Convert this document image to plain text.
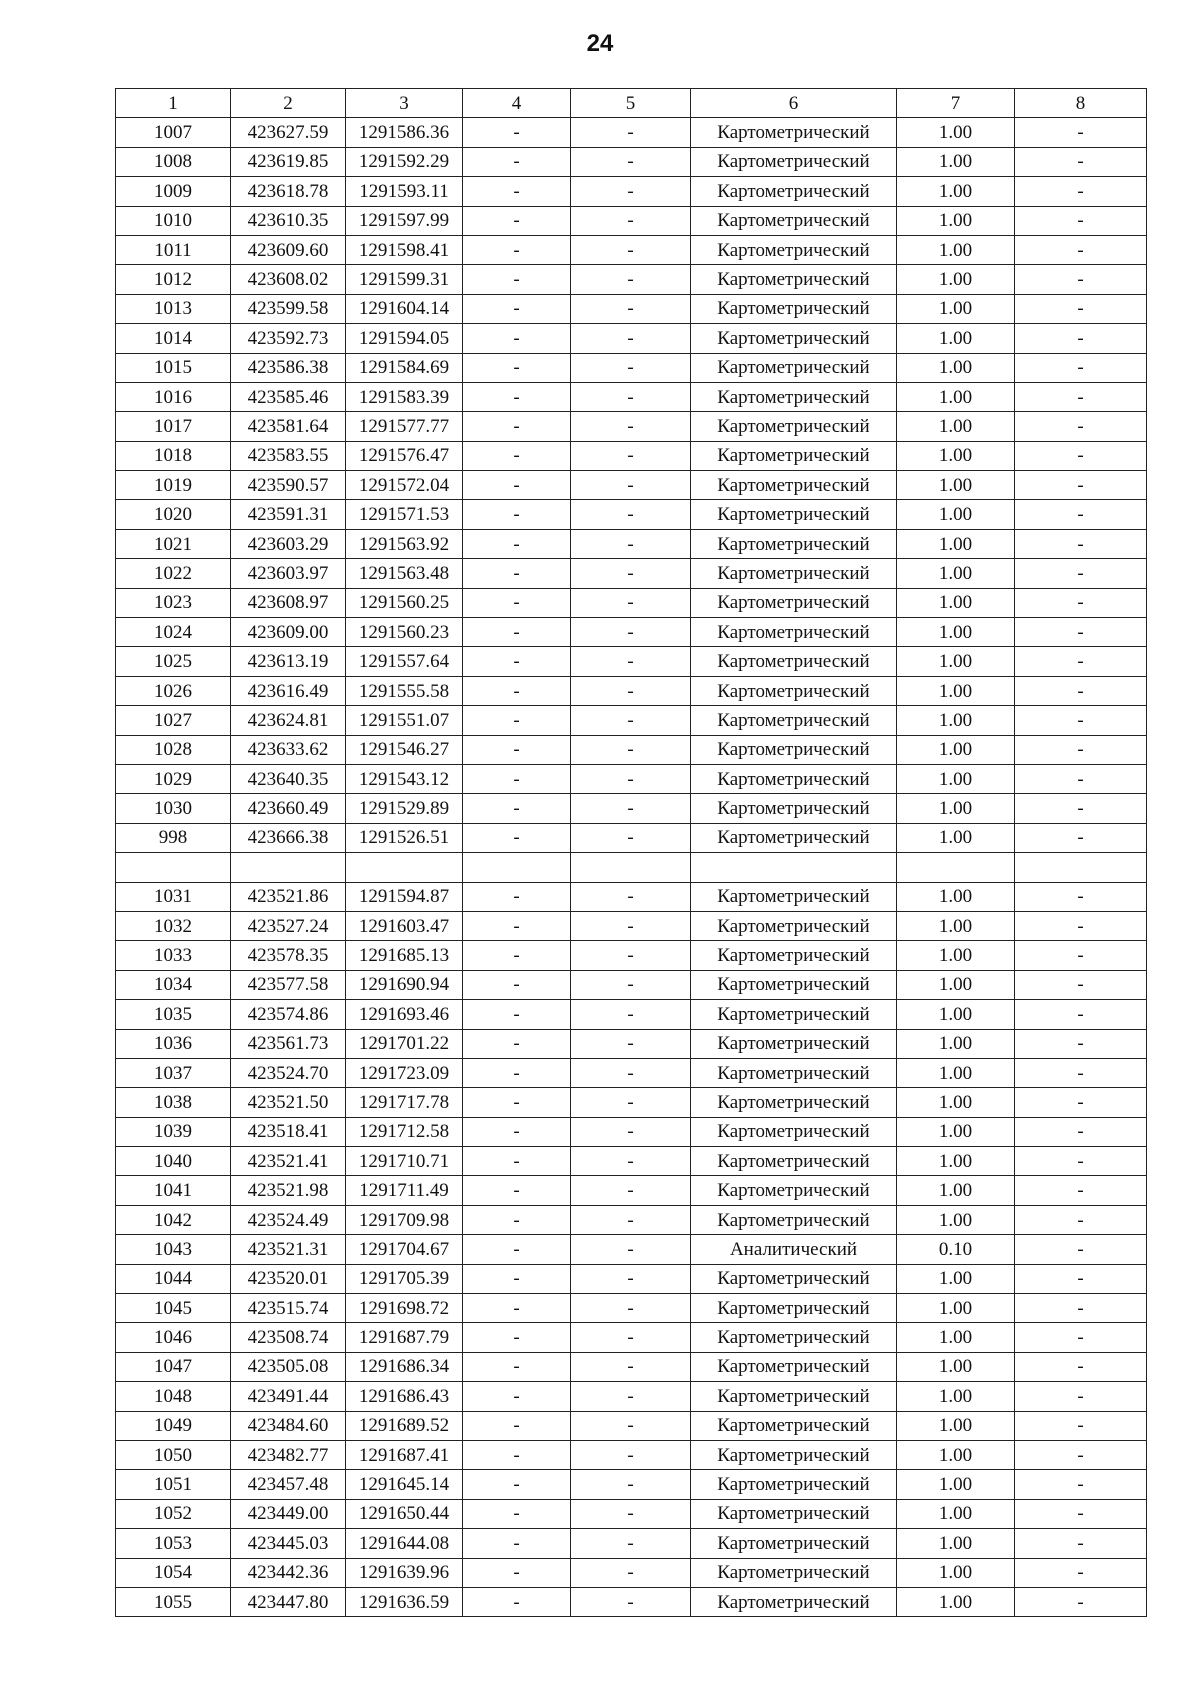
24
1	2	3	4	5	6	7	8
1007	423627.59	1291586.36	-	-	Картометрический	1.00	-
1008	423619.85	1291592.29	-	-	Картометрический	1.00	-
1009	423618.78	1291593.11	-	-	Картометрический	1.00	-
1010	423610.35	1291597.99	-	-	Картометрический	1.00	-
1011	423609.60	1291598.41	-	-	Картометрический	1.00	-
1012	423608.02	1291599.31	-	-	Картометрический	1.00	-
1013	423599.58	1291604.14	-	-	Картометрический	1.00	-
1014	423592.73	1291594.05	-	-	Картометрический	1.00	-
1015	423586.38	1291584.69	-	-	Картометрический	1.00	-
1016	423585.46	1291583.39	-	-	Картометрический	1.00	-
1017	423581.64	1291577.77	-	-	Картометрический	1.00	-
1018	423583.55	1291576.47	-	-	Картометрический	1.00	-
1019	423590.57	1291572.04	-	-	Картометрический	1.00	-
1020	423591.31	1291571.53	-	-	Картометрический	1.00	-
1021	423603.29	1291563.92	-	-	Картометрический	1.00	-
1022	423603.97	1291563.48	-	-	Картометрический	1.00	-
1023	423608.97	1291560.25	-	-	Картометрический	1.00	-
1024	423609.00	1291560.23	-	-	Картометрический	1.00	-
1025	423613.19	1291557.64	-	-	Картометрический	1.00	-
1026	423616.49	1291555.58	-	-	Картометрический	1.00	-
1027	423624.81	1291551.07	-	-	Картометрический	1.00	-
1028	423633.62	1291546.27	-	-	Картометрический	1.00	-
1029	423640.35	1291543.12	-	-	Картометрический	1.00	-
1030	423660.49	1291529.89	-	-	Картометрический	1.00	-
998	423666.38	1291526.51	-	-	Картометрический	1.00	-

1031	423521.86	1291594.87	-	-	Картометрический	1.00	-
1032	423527.24	1291603.47	-	-	Картометрический	1.00	-
1033	423578.35	1291685.13	-	-	Картометрический	1.00	-
1034	423577.58	1291690.94	-	-	Картометрический	1.00	-
1035	423574.86	1291693.46	-	-	Картометрический	1.00	-
1036	423561.73	1291701.22	-	-	Картометрический	1.00	-
1037	423524.70	1291723.09	-	-	Картометрический	1.00	-
1038	423521.50	1291717.78	-	-	Картометрический	1.00	-
1039	423518.41	1291712.58	-	-	Картометрический	1.00	-
1040	423521.41	1291710.71	-	-	Картометрический	1.00	-
1041	423521.98	1291711.49	-	-	Картометрический	1.00	-
1042	423524.49	1291709.98	-	-	Картометрический	1.00	-
1043	423521.31	1291704.67	-	-	Аналитический	0.10	-
1044	423520.01	1291705.39	-	-	Картометрический	1.00	-
1045	423515.74	1291698.72	-	-	Картометрический	1.00	-
1046	423508.74	1291687.79	-	-	Картометрический	1.00	-
1047	423505.08	1291686.34	-	-	Картометрический	1.00	-
1048	423491.44	1291686.43	-	-	Картометрический	1.00	-
1049	423484.60	1291689.52	-	-	Картометрический	1.00	-
1050	423482.77	1291687.41	-	-	Картометрический	1.00	-
1051	423457.48	1291645.14	-	-	Картометрический	1.00	-
1052	423449.00	1291650.44	-	-	Картометрический	1.00	-
1053	423445.03	1291644.08	-	-	Картометрический	1.00	-
1054	423442.36	1291639.96	-	-	Картометрический	1.00	-
1055	423447.80	1291636.59	-	-	Картометрический	1.00	-
